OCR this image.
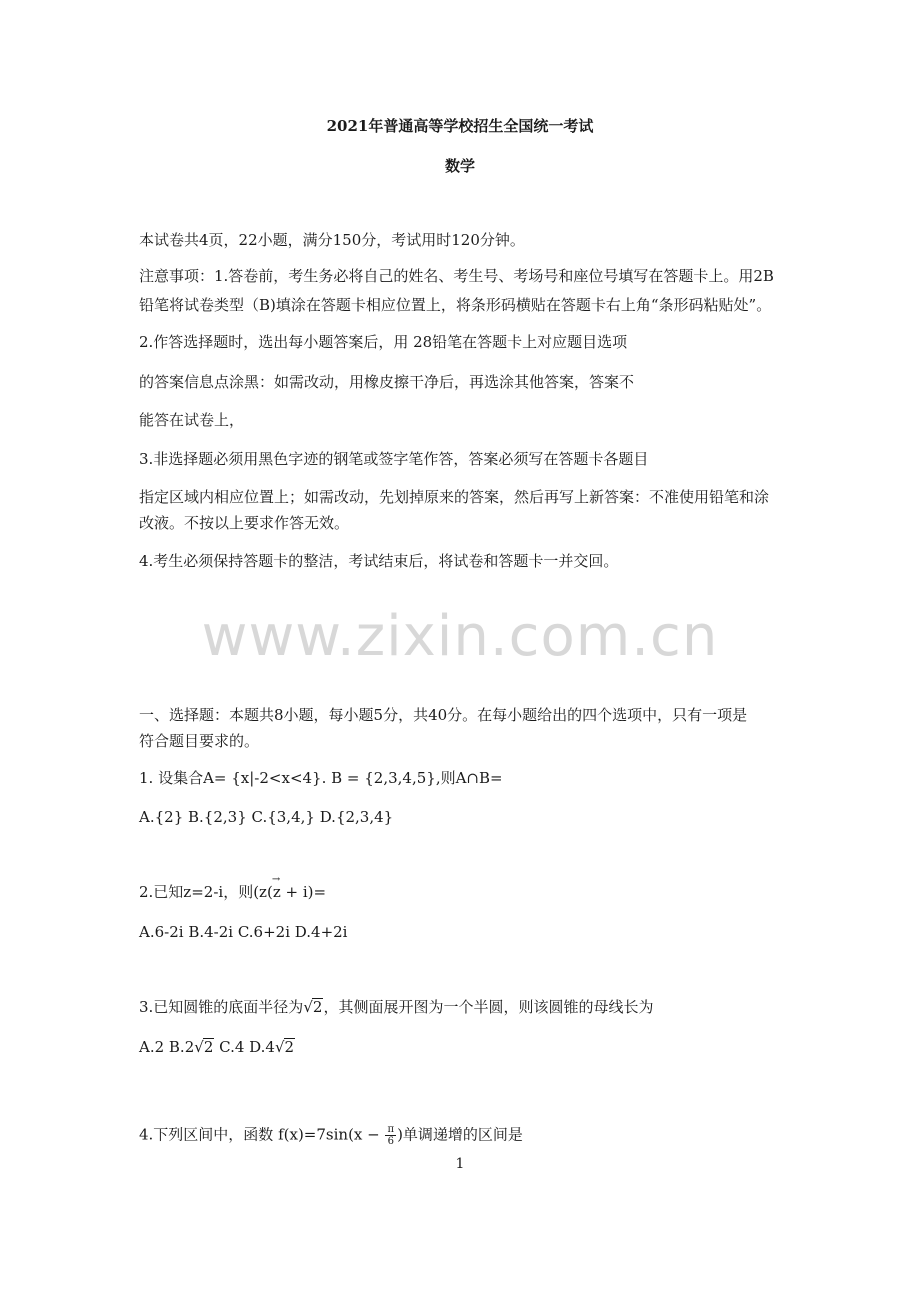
2021年普通高等学校招生全国统一考试
数学
本试卷共4页，22小题，满分150分，考试用时120分钟。
注意事项：1.答卷前，考生务必将自己的姓名、考生号、考场号和座位号填写在答题卡上。用2B
铅笔将试卷类型（B)填涂在答题卡相应位置上，将条形码横贴在答题卡右上角“条形码粘贴处”。
2.作答选择题时，选出每小题答案后，用 28铅笔在答题卡上对应题目选项
的答案信息点涂黑：如需改动，用橡皮擦干净后，再选涂其他答案，答案不
能答在试卷上，
3.非选择题必须用黑色字迹的钢笔或签字笔作答，答案必须写在答题卡各题目
指定区域内相应位置上；如需改动，先划掉原来的答案，然后再写上新答案：不准使用铅笔和涂
改液。不按以上要求作答无效。
4.考生必须保持答题卡的整洁，考试结束后，将试卷和答题卡一并交回。
www.zixin.com.cn
一、选择题：本题共8小题，每小题5分，共40分。在每小题给出的四个选项中，只有一项是
符合题目要求的。
1. 设集合A= {x|-2<x<4}. B = {2,3,4,5},则A∩B=
A.{2} B.{2,3} C.{3,4,} D.{2,3,4}
2.已知z=2-i，则(z(→ z + i)=
A.6-2i B.4-2i C.6+2i D.4+2i
3.已知圆锥的底面半径为√2，其侧面展开图为一个半圆，则该圆锥的母线长为
A.2 B.2√2 C.4 D.4√2
4.下列区间中，函数 $f(x)=7\sin(x - \frac{\pi}{6}$ )单调递增的区间是
1
